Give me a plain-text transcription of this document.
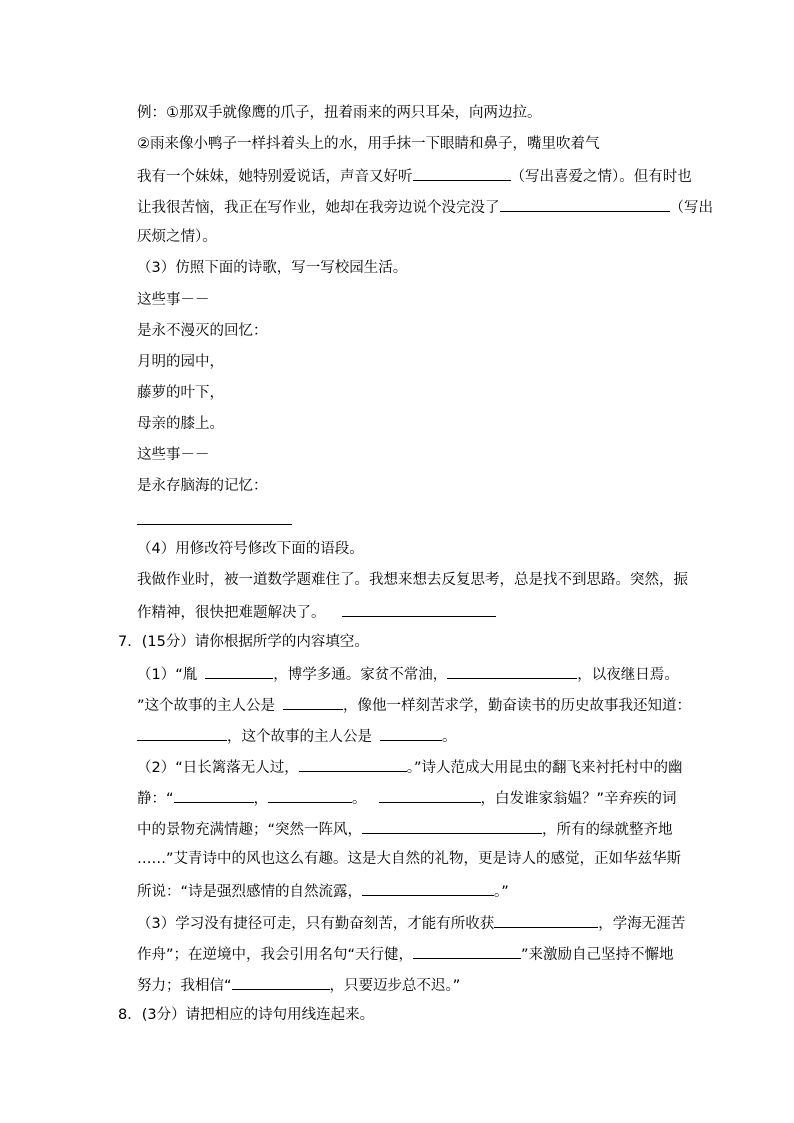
例：①那双手就像鹰的爪子，扭着雨来的两只耳朵，向两边拉。
②雨来像小鸭子一样抖着头上的水，用手抹一下眼睛和鼻子，嘴里吹着气
我有一个妹妹，她特别爱说话，声音又好听	（写出喜爱之情）。但有时也
让我很苦恼，我正在写作业，她却在我旁边说个没完没了	（写出
厌烦之情）。
（3）仿照下面的诗歌，写一写校园生活。
这些事－－
是永不漫灭的回忆：
月明的园中，
藤萝的叶下，
母亲的膝上。
这些事－－
是永存脑海的记忆：
（4）用修改符号修改下面的语段。
我做作业时，被一道数学题难住了。我想来想去反复思考，总是找不到思路。突然，振
作精神，很快把难题解决了。
7．(15分）请你根据所学的内容填空。
（1）“胤	，博学多通。家贫不常油，	，以夜继日焉。
”这个故事的主人公是	，像他一样刻苦求学，勤奋读书的历史故事我还知道：
，这个故事的主人公是	。
（2）“日长篱落无人过，	。”诗人范成大用昆虫的翻飞来衬托村中的幽
静：“	，	。	，白发谁家翁媪？”辛弃疾的词
中的景物充满情趣；“突然一阵风，	，所有的绿就整齐地
……”艾青诗中的风也这么有趣。这是大自然的礼物，更是诗人的感觉，正如华兹华斯
所说：“诗是强烈感情的自然流露，	。”
（3）学习没有捷径可走，只有勤奋刻苦，才能有所收获	，学海无涯苦
作舟”；在逆境中，我会引用名句“天行健，	”来激励自己坚持不懈地
努力；我相信“	，只要迈步总不迟。”
8．(3分）请把相应的诗句用线连起来。
